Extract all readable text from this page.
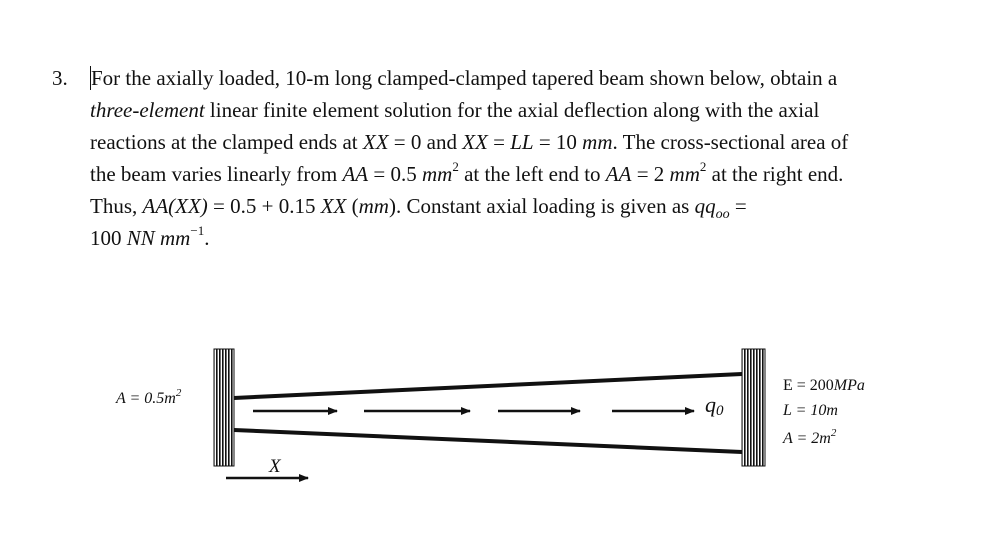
3. For the axially loaded, 10-m long clamped-clamped tapered beam shown below, obtain a
three-element linear finite element solution for the axial deflection along with the axial
reactions at the clamped ends at XX = 0 and XX = LL = 10 mm. The cross-sectional area of
the beam varies linearly from AA = 0.5 $mm^2$ at the left end to AA = 2 $mm^2$ at the right end.
Thus, AA(XX) = 0.5 + 0.15 XX (mm). Constant axial loading is given as $qq_{oo}$ =
100 NN $mm^{-1}$.
$A = 0.5m^2$	q0
X
E = 200MPa
L = 10m
$A = 2m^2$
